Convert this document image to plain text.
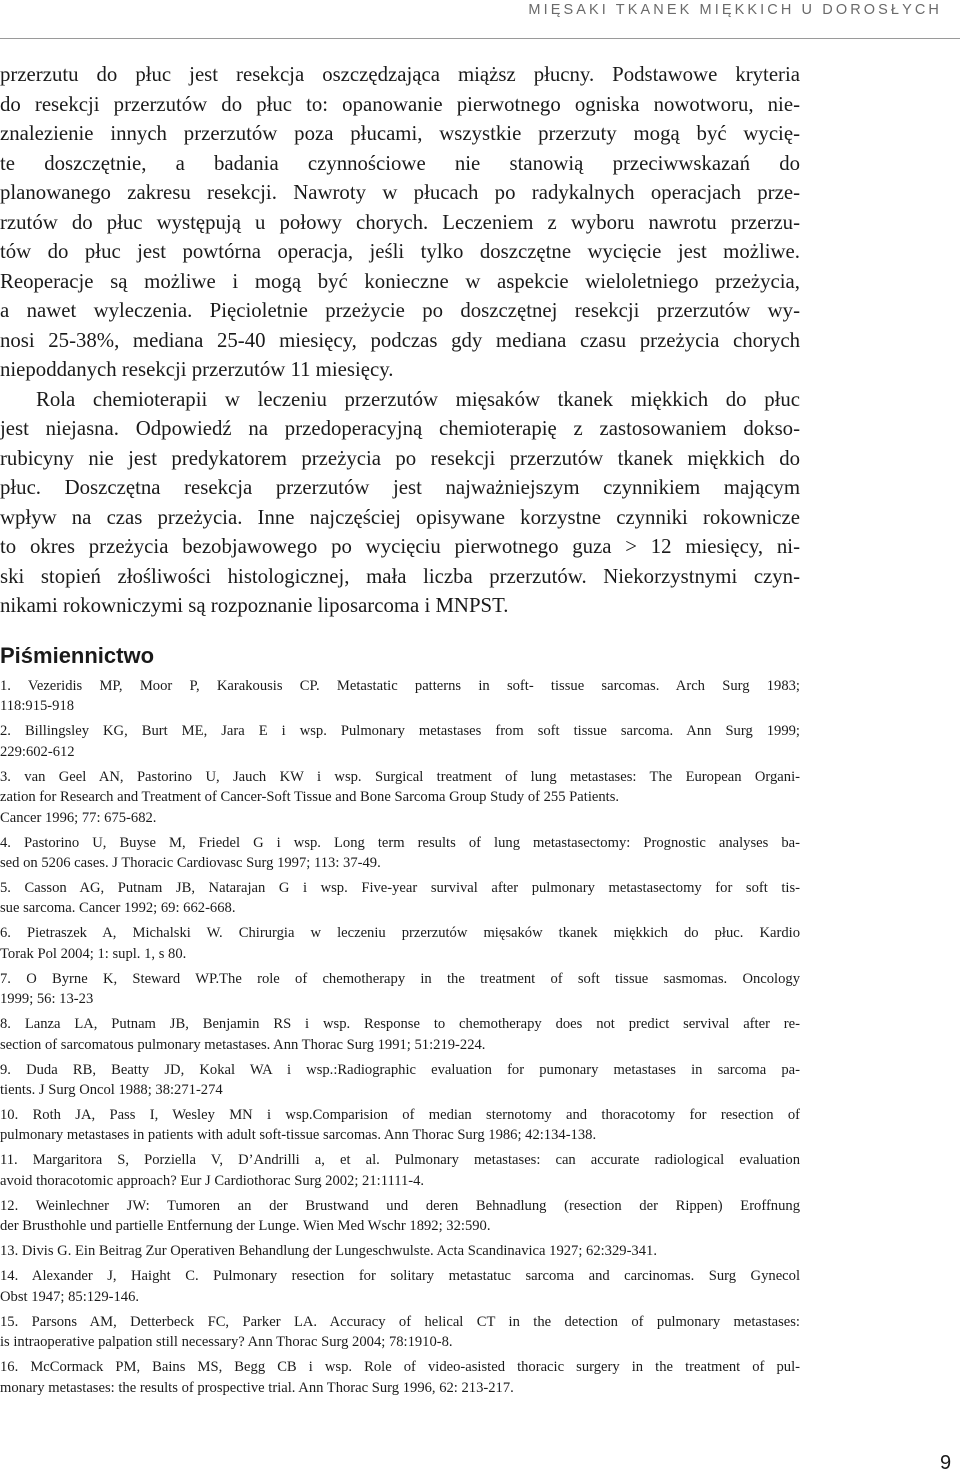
MIĘSAKI TKANEK MIĘKKICH U DOROSŁYCH

przerzutu do płuc jest resekcja oszczędzająca miąższ płucny. Podstawowe kryteria
do resekcji przerzutów do płuc to: opanowanie pierwotnego ogniska nowotworu, nie-
znalezienie innych przerzutów poza płucami, wszystkie przerzuty mogą być wycię-
te doszczętnie, a badania czynnościowe nie stanowią przeciwwskazań do
planowanego zakresu resekcji. Nawroty w płucach po radykalnych operacjach prze-
rzutów do płuc występują u połowy chorych. Leczeniem z wyboru nawrotu przerzu-
tów do płuc jest powtórna operacja, jeśli tylko doszczętne wycięcie jest możliwe.
Reoperacje są możliwe i mogą być konieczne w aspekcie wieloletniego przeżycia,
a nawet wyleczenia. Pięcioletnie przeżycie po doszczętnej resekcji przerzutów wy-
nosi 25-38%, mediana 25-40 miesięcy, podczas gdy mediana czasu przeżycia chorych
niepoddanych resekcji przerzutów 11 miesięcy.

Rola chemioterapii w leczeniu przerzutów mięsaków tkanek miękkich do płuc
jest niejasna. Odpowiedź na przedoperacyjną chemioterapię z zastosowaniem dokso-
rubicyny nie jest predykatorem przeżycia po resekcji przerzutów tkanek miękkich do
płuc. Doszczętna resekcja przerzutów jest najważniejszym czynnikiem mającym
wpływ na czas przeżycia. Inne najczęściej opisywane korzystne czynniki rokownicze
to okres przeżycia bezobjawowego po wycięciu pierwotnego guza > 12 miesięcy, ni-
ski stopień złośliwości histologicznej, mała liczba przerzutów. Niekorzystnymi czyn-
nikami rokowniczymi są rozpoznanie liposarcoma i MNPST.

Piśmiennictwo
1. Vezeridis MP, Moor P, Karakousis CP. Metastatic patterns in soft- tissue sarcomas. Arch Surg 1983;
118:915-918
2. Billingsley KG, Burt ME, Jara E i wsp. Pulmonary metastases from soft tissue sarcoma. Ann Surg 1999;
229:602-612
3. van Geel AN, Pastorino U, Jauch KW i wsp. Surgical treatment of lung metastases: The European Organi-
zation for Research and Treatment of Cancer-Soft Tissue and Bone Sarcoma Group Study of 255 Patients.
Cancer 1996; 77: 675-682.
4. Pastorino U, Buyse M, Friedel G i wsp. Long term results of lung metastasectomy: Prognostic analyses ba-
sed on 5206 cases. J Thoracic Cardiovasc Surg 1997; 113: 37-49.
5. Casson AG, Putnam JB, Natarajan G i wsp. Five-year survival after pulmonary metastasectomy for soft tis-
sue sarcoma. Cancer 1992; 69: 662-668.
6. Pietraszek A, Michalski W. Chirurgia w leczeniu przerzutów mięsaków tkanek miękkich do płuc. Kardio
Torak Pol 2004; 1: supl. 1, s 80.
7. O Byrne K, Steward WP.The role of chemotherapy in the treatment of soft tissue sasmomas. Oncology
1999; 56: 13-23
8. Lanza LA, Putnam JB, Benjamin RS i wsp. Response to chemotherapy does not predict servival after re-
section of sarcomatous pulmonary metastases. Ann Thorac Surg 1991; 51:219-224.
9. Duda RB, Beatty JD, Kokal WA i wsp.:Radiographic evaluation for pumonary metastases in sarcoma pa-
tients. J Surg Oncol 1988; 38:271-274
10. Roth JA, Pass I, Wesley MN i wsp.Comparision of median sternotomy and thoracotomy for resection of
pulmonary metastases in patients with adult soft-tissue sarcomas. Ann Thorac Surg 1986; 42:134-138.
11. Margaritora S, Porziella V, D’Andrilli a, et al. Pulmonary metastases: can accurate radiological evaluation
avoid thoracotomic approach? Eur J Cardiothorac Surg 2002; 21:1111-4.
12. Weinlechner JW: Tumoren an der Brustwand und deren Behnadlung (resection der Rippen) Eroffnung
der Brusthohle und partielle Entfernung der Lunge. Wien Med Wschr 1892; 32:590.
13. Divis G. Ein Beitrag Zur Operativen Behandlung der Lungeschwulste. Acta Scandinavica 1927; 62:329-341.
14. Alexander J, Haight C. Pulmonary resection for solitary metastatuc sarcoma and carcinomas. Surg Gynecol
Obst 1947; 85:129-146.
15. Parsons AM, Detterbeck FC, Parker LA. Accuracy of helical CT in the detection of pulmonary metastases:
is intraoperative palpation still necessary? Ann Thorac Surg 2004; 78:1910-8.
16. McCormack PM, Bains MS, Begg CB i wsp. Role of video-asisted thoracic surgery in the treatment of pul-
monary metastases: the results of prospective trial. Ann Thorac Surg 1996, 62: 213-217.
9
